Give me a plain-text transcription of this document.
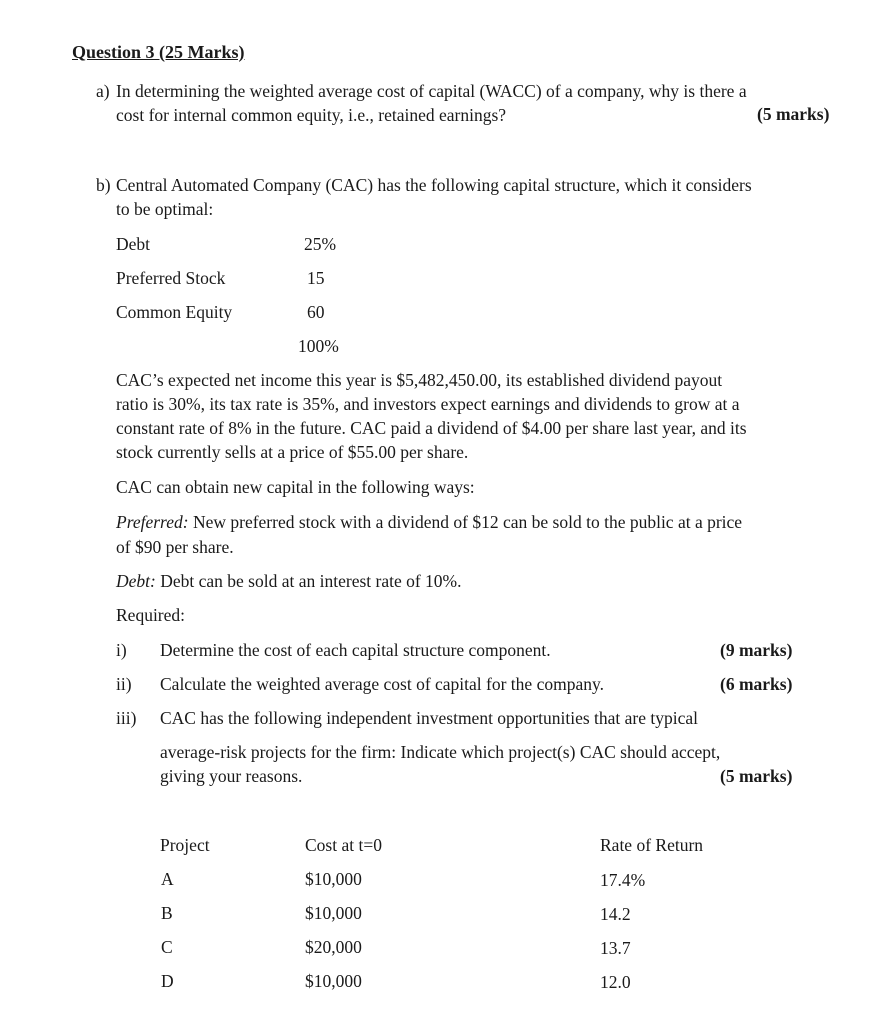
Question 3 (25 Marks)
a) In determining the weighted average cost of capital (WACC) of a company, why is there a
cost for internal common equity, i.e., retained earnings?	(5 marks)
b) Central Automated Company (CAC) has the following capital structure, which it considers
to be optimal:
Debt	25%
Preferred Stock	15
Common Equity	60
100%
CAC’s expected net income this year is $5,482,450.00, its established dividend payout
ratio is 30%, its tax rate is 35%, and investors expect earnings and dividends to grow at a
constant rate of 8% in the future. CAC paid a dividend of $4.00 per share last year, and its
stock currently sells at a price of $55.00 per share.
CAC can obtain new capital in the following ways:
Preferred: New preferred stock with a dividend of $12 can be sold to the public at a price
of $90 per share.
Debt: Debt can be sold at an interest rate of 10%.
Required:
i) Determine the cost of each capital structure component.	(9 marks)
ii) Calculate the weighted average cost of capital for the company.	(6 marks)
iii) CAC has the following independent investment opportunities that are typical
average-risk projects for the firm: Indicate which project(s) CAC should accept,
giving your reasons.	(5 marks)
Project	Cost at t=0	Rate of Return
A	$10,000	17.4%
B	$10,000	14.2
C	$20,000	13.7
D	$10,000	12.0
